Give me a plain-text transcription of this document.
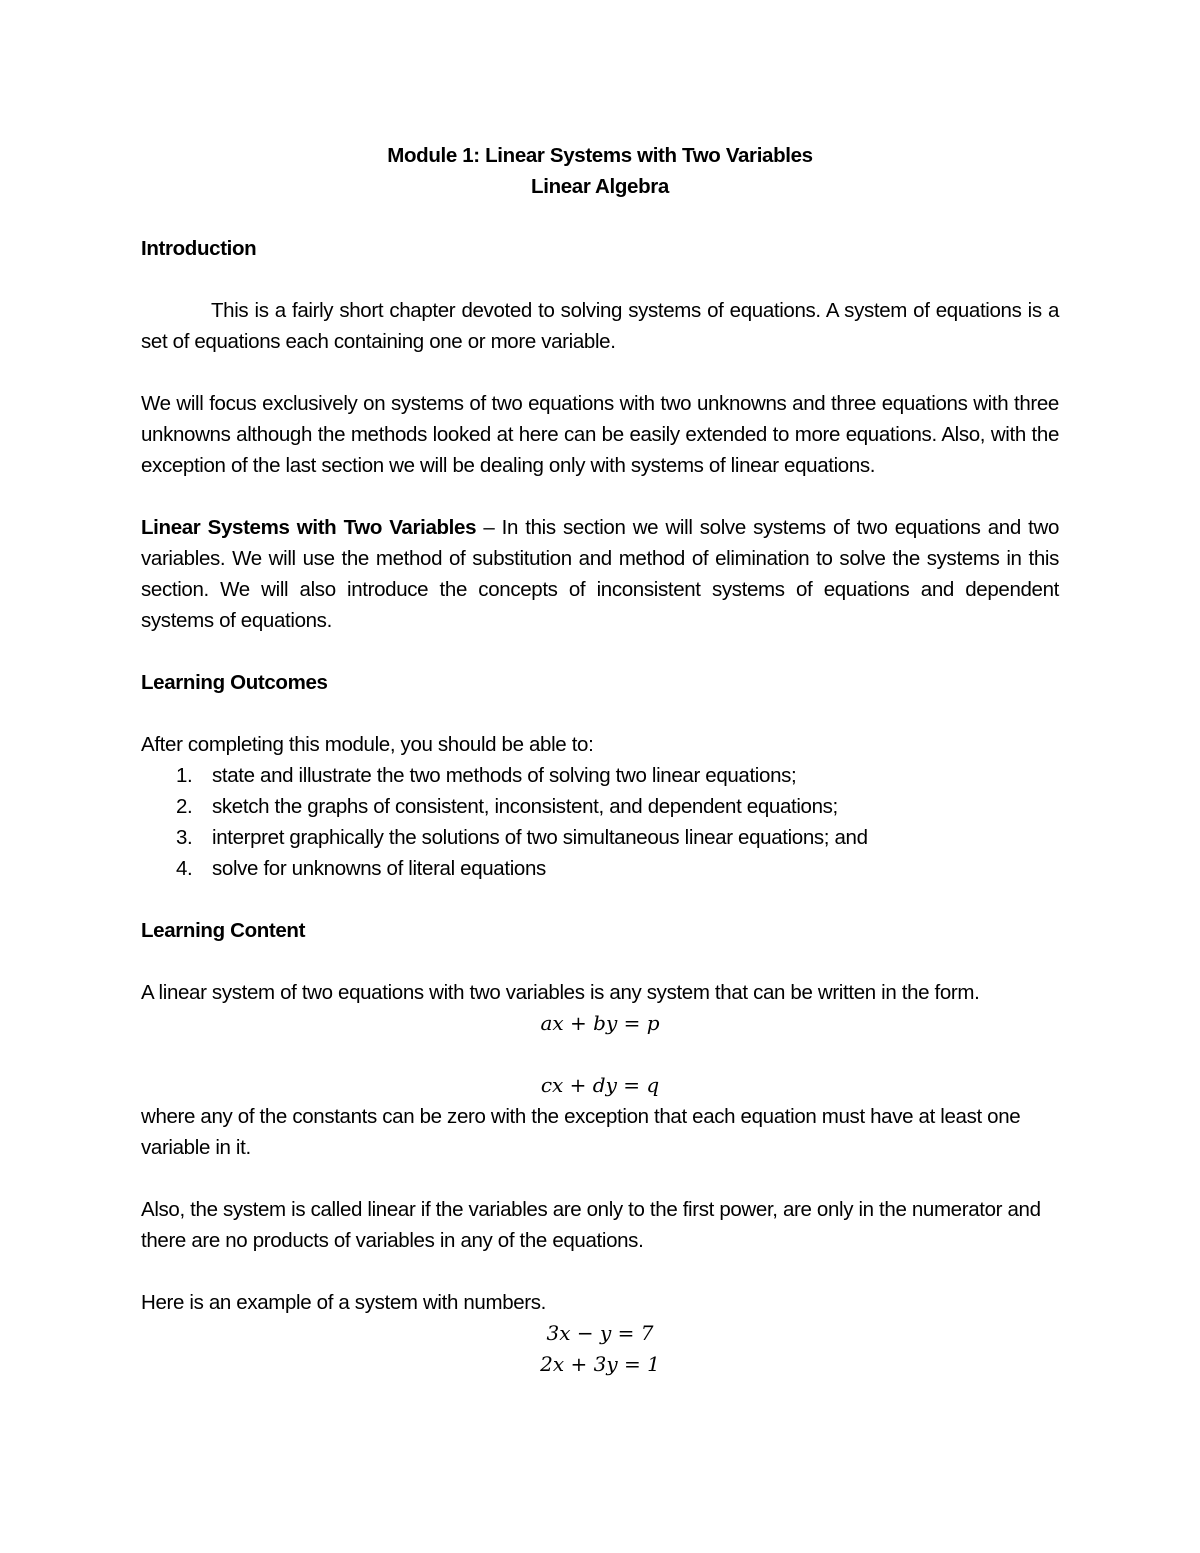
Module 1: Linear Systems with Two Variables

Linear Algebra

Introduction

This is a fairly short chapter devoted to solving systems of equations. A system of equations is a set of equations each containing one or more variable.

We will focus exclusively on systems of two equations with two unknowns and three equations with three unknowns although the methods looked at here can be easily extended to more equations. Also, with the exception of the last section we will be dealing only with systems of linear equations.

Linear Systems with Two Variables – In this section we will solve systems of two equations and two variables. We will use the method of substitution and method of elimination to solve the systems in this section. We will also introduce the concepts of inconsistent systems of equations and dependent systems of equations.

Learning Outcomes

After completing this module, you should be able to:

1. state and illustrate the two methods of solving two linear equations;
2. sketch the graphs of consistent, inconsistent, and dependent equations;
3. interpret graphically the solutions of two simultaneous linear equations; and
4. solve for unknowns of literal equations

Learning Content

A linear system of two equations with two variables is any system that can be written in the form.

ax + by = p

cx + dy = q

where any of the constants can be zero with the exception that each equation must have at least one variable in it.

Also, the system is called linear if the variables are only to the first power, are only in the numerator and there are no products of variables in any of the equations.

Here is an example of a system with numbers.

3x − y = 7

2x + 3y = 1
